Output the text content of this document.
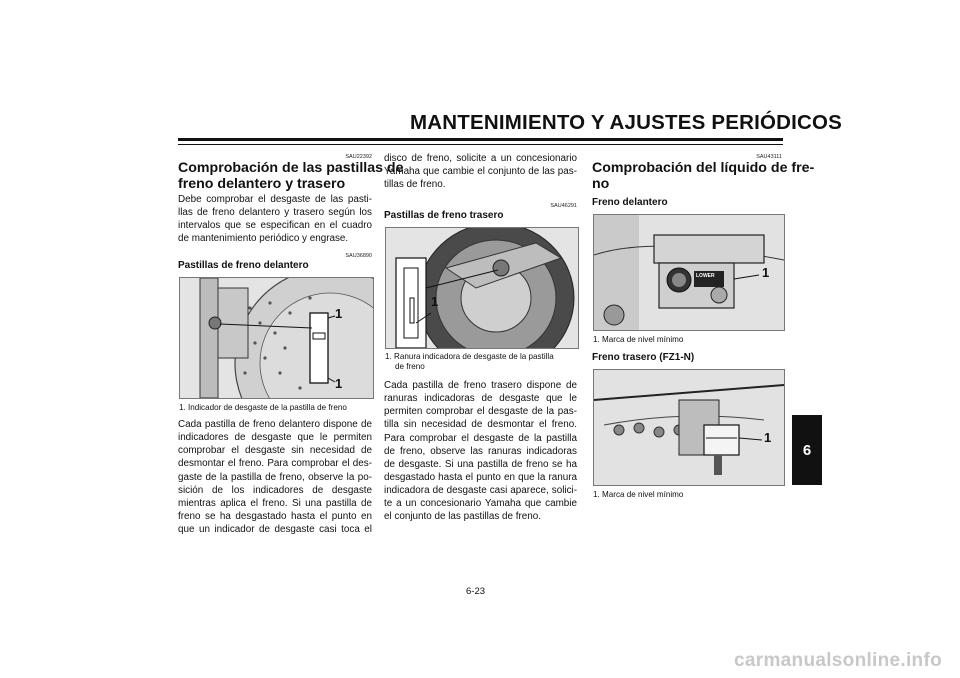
MANTENIMIENTO Y AJUSTES PERIÓDICOS
6
SAU22392
Comprobación de las pastillas de
freno delantero y trasero
Debe comprobar el desgaste de las pasti-
llas de freno delantero y trasero según los
intervalos que se especifican en el cuadro
de mantenimiento periódico y engrase.
SAU36890
Pastillas de freno delantero
1
1
1. Indicador de desgaste de la pastilla de freno
Cada pastilla de freno delantero dispone de
indicadores de desgaste que le permiten
comprobar el desgaste sin necesidad de
desmontar el freno. Para comprobar el des-
gaste de la pastilla de freno, observe la po-
sición de los indicadores de desgaste
mientras aplica el freno. Si una pastilla de
freno se ha desgastado hasta el punto en
que un indicador de desgaste casi toca el
disco de freno, solicite a un concesionario
Yamaha que cambie el conjunto de las pas-
tillas de freno.
SAU46291
Pastillas de freno trasero
1
1. Ranura indicadora de desgaste de la pastilla
de freno
Cada pastilla de freno trasero dispone de
ranuras indicadoras de desgaste que le
permiten comprobar el desgaste de la pas-
tilla sin necesidad de desmontar el freno.
Para comprobar el desgaste de la pastilla
de freno, observe las ranuras indicadoras
de desgaste. Si una pastilla de freno se ha
desgastado hasta el punto en que la ranura
indicadora de desgaste casi aparece, solici-
te a un concesionario Yamaha que cambie
el conjunto de las pastillas de freno.
SAU43111
Comprobación del líquido de fre-
no
Freno delantero
LOWER	1
1. Marca de nivel mínimo
Freno trasero (FZ1-N)
1
1. Marca de nivel mínimo
6-23
carmanualsonline.info
